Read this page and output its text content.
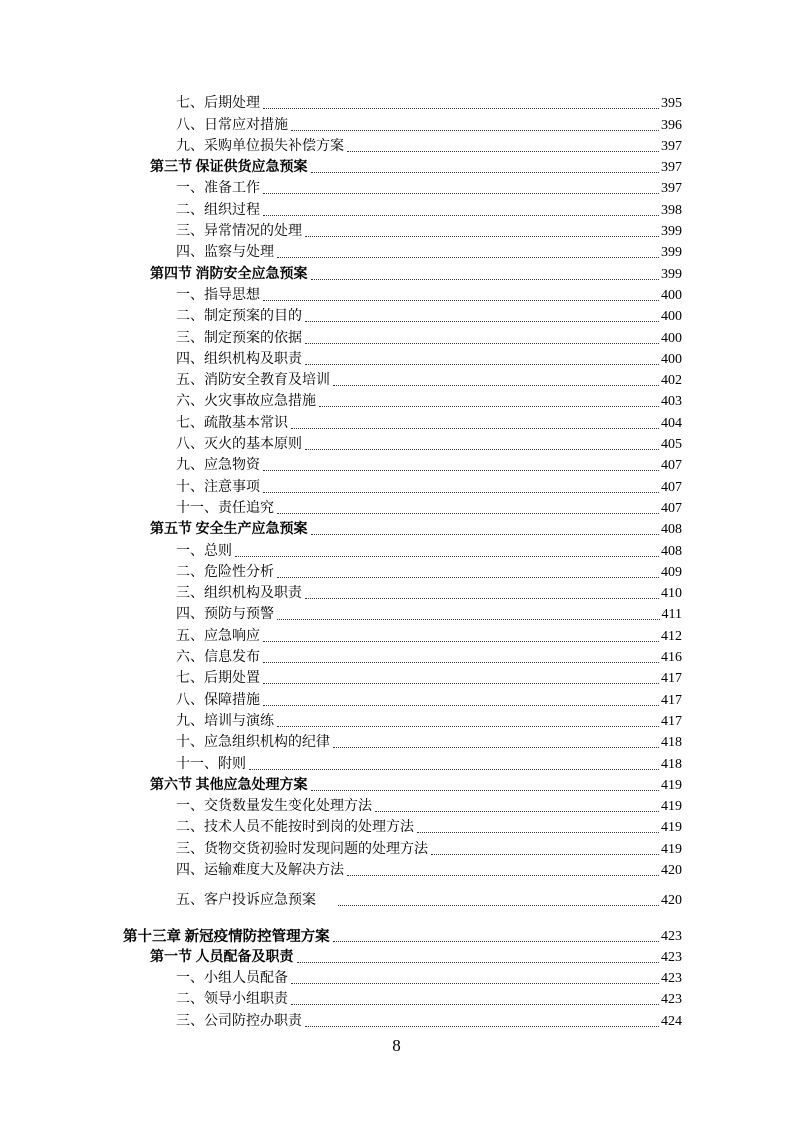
七、后期处理	395
八、日常应对措施	396
九、采购单位损失补偿方案	397
第三节 保证供货应急预案	397
一、准备工作	397
二、组织过程	398
三、异常情况的处理	399
四、监察与处理	399
第四节 消防安全应急预案	399
一、指导思想	400
二、制定预案的目的	400
三、制定预案的依据	400
四、组织机构及职责	400
五、消防安全教育及培训	402
六、火灾事故应急措施	403
七、疏散基本常识	404
八、灭火的基本原则	405
九、应急物资	407
十、注意事项	407
十一、责任追究	407
第五节 安全生产应急预案	408
一、总则	408
二、危险性分析	409
三、组织机构及职责	410
四、预防与预警	411
五、应急响应	412
六、信息发布	416
七、后期处置	417
八、保障措施	417
九、培训与演练	417
十、应急组织机构的纪律	418
十一、附则	418
第六节 其他应急处理方案	419
一、交货数量发生变化处理方法	419
二、技术人员不能按时到岗的处理方法	419
三、货物交货初验时发现问题的处理方法	419
四、运输难度大及解决方法	420
五、客户投诉应急预案	420
第十三章 新冠疫情防控管理方案	423
第一节 人员配备及职责	423
一、小组人员配备	423
二、领导小组职责	423
三、公司防控办职责	424
8
